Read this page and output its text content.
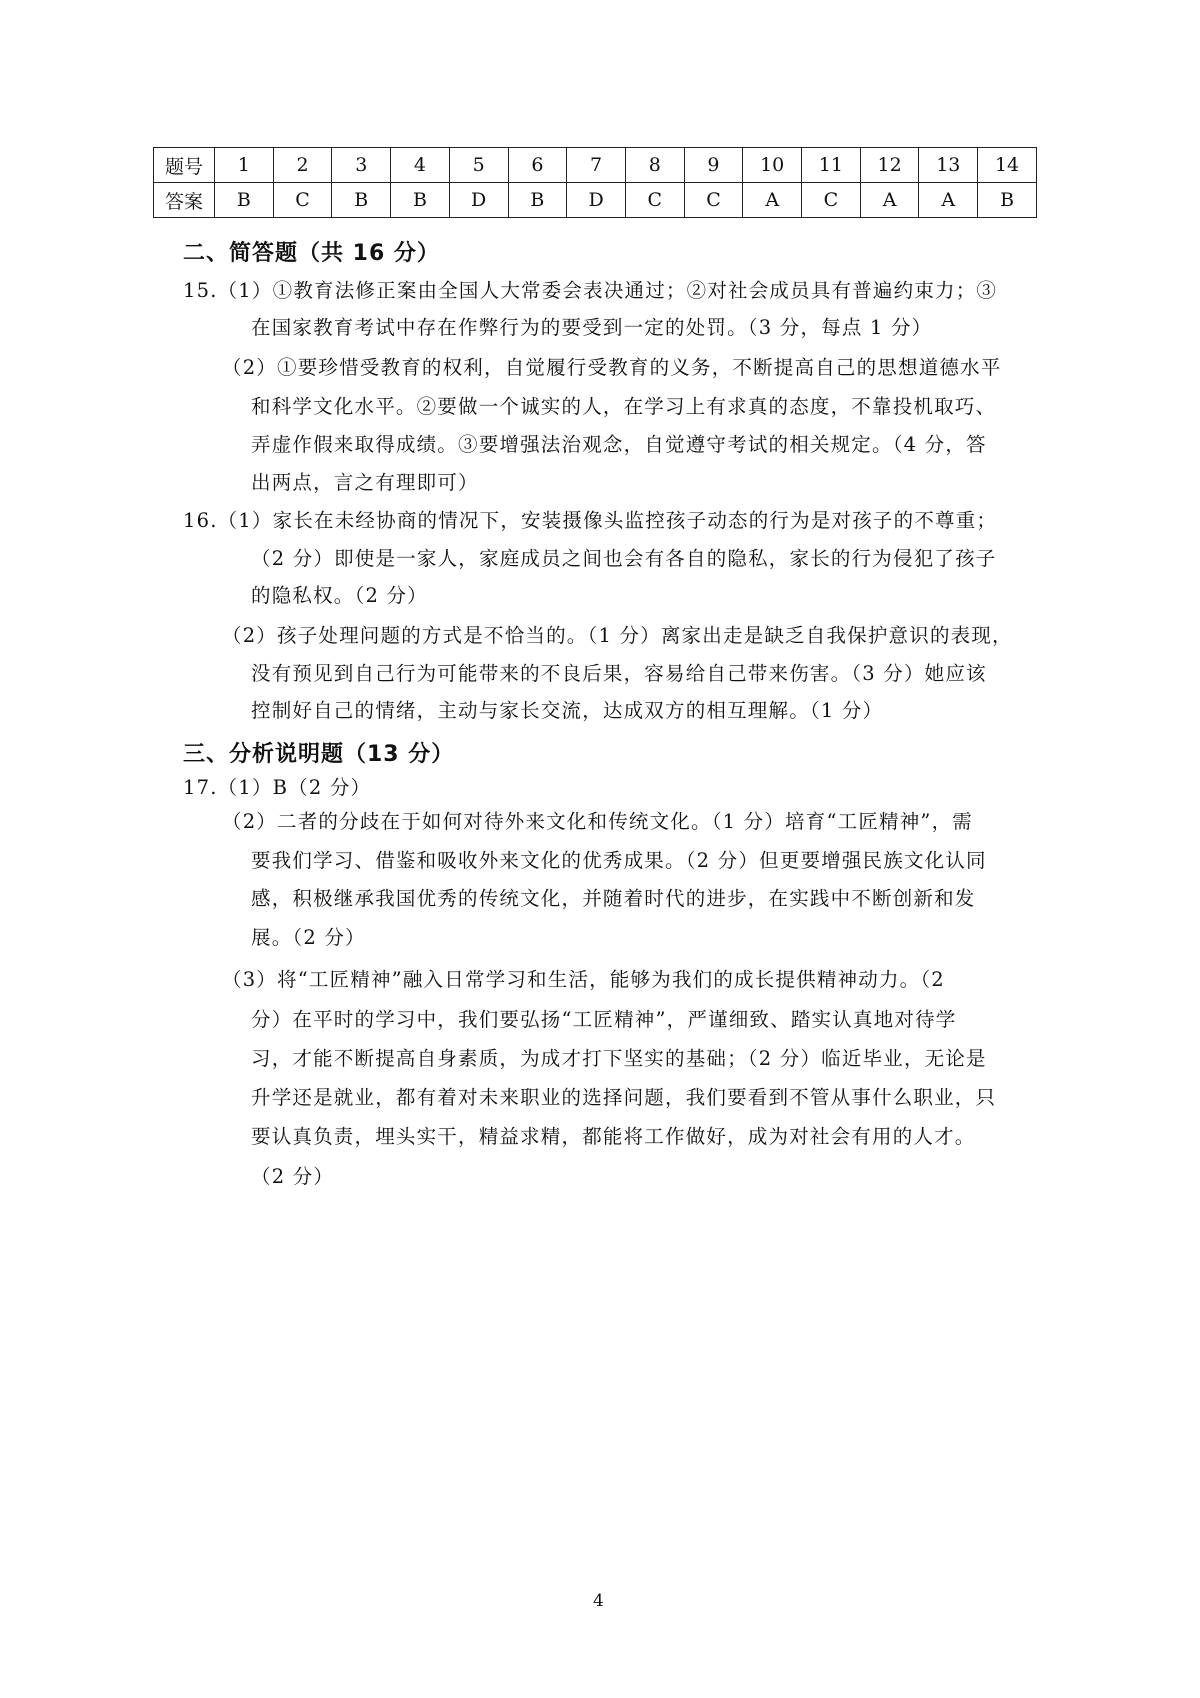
题号	1	2	3	4	5	6	7	8	9	10	11	12	13	14
答案	B	C	B	B	D	B	D	C	C	A	C	A	A	B
二、简答题（共 16 分）
15.（1）①教育法修正案由全国人大常委会表决通过；②对社会成员具有普遍约束力；③
在国家教育考试中存在作弊行为的要受到一定的处罚。（3 分，每点 1 分）
（2）①要珍惜受教育的权利，自觉履行受教育的义务，不断提高自己的思想道德水平
和科学文化水平。②要做一个诚实的人，在学习上有求真的态度，不靠投机取巧、
弄虚作假来取得成绩。③要增强法治观念，自觉遵守考试的相关规定。（4 分，答
出两点，言之有理即可）
16.（1）家长在未经协商的情况下，安装摄像头监控孩子动态的行为是对孩子的不尊重；
（2 分）即使是一家人，家庭成员之间也会有各自的隐私，家长的行为侵犯了孩子
的隐私权。（2 分）
（2）孩子处理问题的方式是不恰当的。（1 分）离家出走是缺乏自我保护意识的表现，
没有预见到自己行为可能带来的不良后果，容易给自己带来伤害。（3 分）她应该
控制好自己的情绪，主动与家长交流，达成双方的相互理解。（1 分）
三、分析说明题（13 分）
17.（1）B（2 分）
（2）二者的分歧在于如何对待外来文化和传统文化。（1 分）培育“工匠精神”，需
要我们学习、借鉴和吸收外来文化的优秀成果。（2 分）但更要增强民族文化认同
感，积极继承我国优秀的传统文化，并随着时代的进步，在实践中不断创新和发
展。（2 分）
（3）将“工匠精神”融入日常学习和生活，能够为我们的成长提供精神动力。（2
分）在平时的学习中，我们要弘扬“工匠精神”，严谨细致、踏实认真地对待学
习，才能不断提高自身素质，为成才打下坚实的基础；（2 分）临近毕业，无论是
升学还是就业，都有着对未来职业的选择问题，我们要看到不管从事什么职业，只
要认真负责，埋头实干，精益求精，都能将工作做好，成为对社会有用的人才。
（2 分）
4
